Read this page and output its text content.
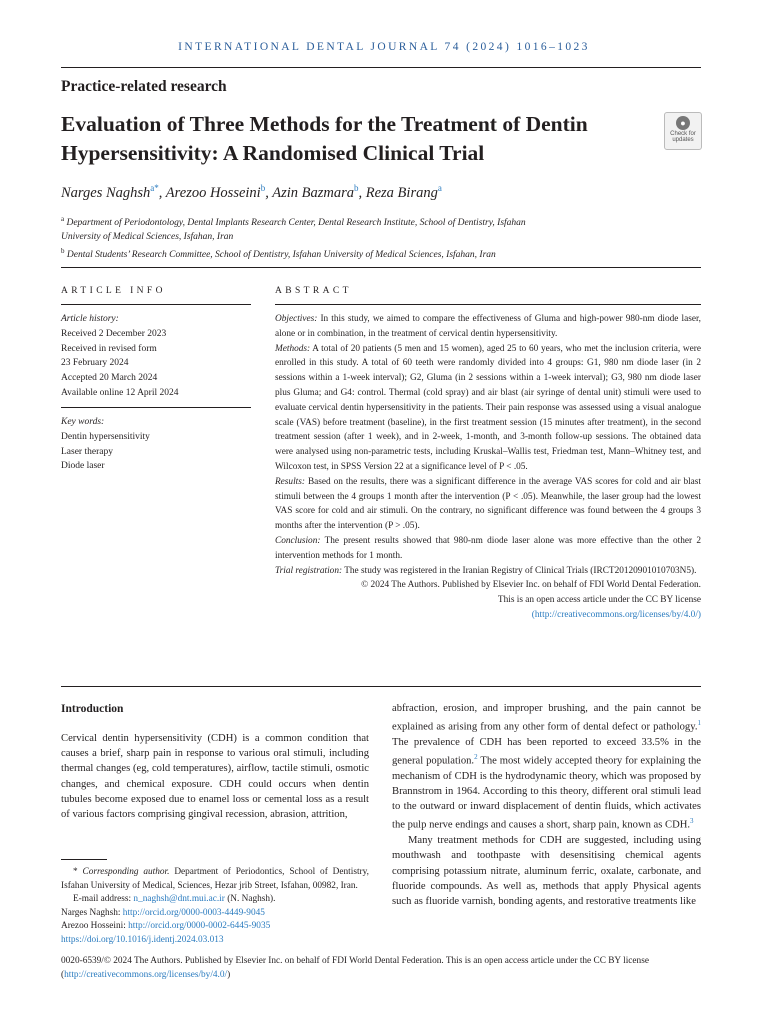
INTERNATIONAL DENTAL JOURNAL 74 (2024) 1016–1023
Practice-related research
Evaluation of Three Methods for the Treatment of Dentin Hypersensitivity: A Randomised Clinical Trial
●
Check for
updates
Narges Naghsh$^{a*}$, Arezoo Hosseini$^b$, Azin Bazmara$^b$, Reza Birang$^a$
$^a$ Department of Periodontology, Dental Implants Research Center, Dental Research Institute, School of Dentistry, Isfahan
University of Medical Sciences, Isfahan, Iran
$^b$ Dental Students’ Research Committee, School of Dentistry, Isfahan University of Medical Sciences, Isfahan, Iran
ARTICLE INFO	ABSTRACT
Article history:
Received 2 December 2023
Received in revised form
23 February 2024
Accepted 20 March 2024
Available online 12 April 2024
Key words:
Dentin hypersensitivity
Laser therapy
Diode laser

Objectives: In this study, we aimed to compare the effectiveness of Gluma and high-power 980-nm diode laser, alone or in combination, in the treatment of cervical dentin hypersensitivity.

Methods: A total of 20 patients (5 men and 15 women), aged 25 to 60 years, who met the inclusion criteria, were enrolled in this study. A total of 60 teeth were randomly divided into 4 groups: G1, 980 nm diode laser (in 2 sessions within a 1-week interval); G2, Gluma (in 2 sessions within a 1-week interval); G3, 980 nm diode laser plus Gluma; and G4: control. Thermal (cold spray) and air blast (air syringe of dental unit) stimuli were used to evaluate cervical dentin hypersensitivity in the patients. Their pain response was assessed using a visual analogue scale (VAS) before treatment (baseline), in the first treatment session (15 minutes after treatment), in the second treatment session (after 1 week), and in 2-week, 1-month, and 3-month follow-up sessions. The obtained data were analysed using non-parametric tests, including Kruskal–Wallis test, Friedman test, Mann–Whitney test, and Wilcoxon test, in SPSS Version 22 at a significance level of P < .05.

Results: Based on the results, there was a significant difference in the average VAS scores for cold and air blast stimuli between the 4 groups 1 month after the intervention (P < .05). Meanwhile, the laser group had the lowest VAS score for cold and air stimuli. On the contrary, no significant difference was found between the 4 groups 3 months after the intervention (P > .05).

Conclusion: The present results showed that 980-nm diode laser alone was more effective than the other 2 intervention methods for 1 month.

Trial registration: The study was registered in the Iranian Registry of Clinical Trials (IRCT20120901010703N5).

© 2024 The Authors. Published by Elsevier Inc. on behalf of FDI World Dental Federation.

This is an open access article under the CC BY license

(http://creativecommons.org/licenses/by/4.0/)

Introduction

Cervical dentin hypersensitivity (CDH) is a common condition that causes a brief, sharp pain in response to various oral stimuli, including thermal changes (eg, cold temperatures), airflow, tactile stimuli, osmotic changes, and chemical exposure. CDH could occurs when dentin tubules become exposed due to enamel loss or cemental loss as a result of various factors comprising gingival recession, abrasion, attrition,

abfraction, erosion, and improper brushing, and the pain cannot be explained as arising from any other form of dental defect or pathology.$^1$ The prevalence of CDH has been reported to exceed 33.5% in the general population.$^2$ The most widely accepted theory for explaining the mechanism of CDH is the hydrodynamic theory, which was proposed by Brannstrom in 1964. According to this theory, different oral stimuli lead to the outward or inward displacement of dentin fluids, which activates the pulp nerve endings and causes a short, sharp pain, known as CDH.$^3$

Many treatment methods for CDH are suggested, including using mouthwash and toothpaste with desensitising chemical agents comprising potassium nitrate, aluminum ferric, oxalate, carbonate, and fluoride compounds. As well as, methods that apply Physical agents such as fluoride varnish, bonding agents, and restorative treatments like

* Corresponding author. Department of Periodontics, School of Dentistry, Isfahan University of Medical, Sciences, Hezar jrib Street, Isfahan, 00982, Iran.

E-mail address: n_naghsh@dnt.mui.ac.ir (N. Naghsh).

Narges Naghsh: http://orcid.org/0000-0003-4449-9045

Arezoo Hosseini: http://orcid.org/0000-0002-6445-9035

https://doi.org/10.1016/j.identj.2024.03.013

0020-6539/© 2024 The Authors. Published by Elsevier Inc. on behalf of FDI World Dental Federation. This is an open access article under the CC BY license (http://creativecommons.org/licenses/by/4.0/)
